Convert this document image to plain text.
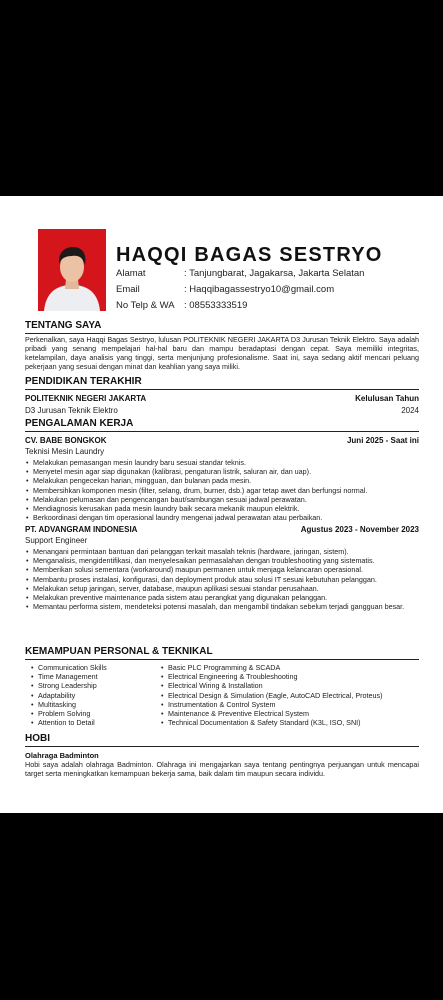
HAQQI BAGAS SESTRYO
Alamat	: Tanjungbarat, Jagakarsa, Jakarta Selatan
Email	: Haqqibagassestryo10@gmail.com
No Telp & WA : 08553333519
TENTANG SAYA
Perkenalkan, saya Haqqi Bagas Sestryo, lulusan POLITEKNIK NEGERI JAKARTA D3 Jurusan Teknik Elektro. Saya adalah pribadi yang senang mempelajari hal-hal baru dan mampu beradaptasi dengan cepat. Saya memiliki integritas, ketelampilan, daya analisis yang tinggi, serta menjunjung profesionalisme. Saat ini, saya sedang aktif mencari peluang pekerjaan yang sesuai dengan minat dan keahlian yang saya miliki.
PENDIDIKAN TERAKHIR
POLITEKNIK NEGERI JAKARTA	Kelulusan Tahun
D3 Jurusan Teknik Elektro	2024
PENGALAMAN KERJA
CV. BABE BONGKOK	Juni 2025 - Saat ini
Teknisi Mesin Laundry
• Melakukan pemasangan mesin laundry baru sesuai standar teknis.
• Menyetel mesin agar siap digunakan (kalibrasi, pengaturan listrik, saluran air, dan uap).
• Melakukan pengecekan harian, mingguan, dan bulanan pada mesin.
• Membersihkan komponen mesin (filter, selang, drum, burner, dsb.) agar tetap awet dan berfungsi normal.
• Melakukan pelumasan dan pengencangan baut/sambungan sesuai jadwal perawatan.
• Mendiagnosis kerusakan pada mesin laundry baik secara mekanik maupun elektrik.
• Berkoordinasi dengan tim operasional laundry mengenai jadwal perawatan atau perbaikan.
PT. ADVANGRAM INDONESIA	Agustus 2023 - November 2023
Support Engineer
• Menangani permintaan bantuan dari pelanggan terkait masalah teknis (hardware, jaringan, sistem).
• Menganalisis, mengidentifikasi, dan menyelesaikan permasalahan dengan troubleshooting yang sistematis.
• Memberikan solusi sementara (workaround) maupun permanen untuk menjaga kelancaran operasional.
• Membantu proses instalasi, konfigurasi, dan deployment produk atau solusi IT sesuai kebutuhan pelanggan.
• Melakukan setup jaringan, server, database, maupun aplikasi sesuai standar perusahaan.
• Melakukan preventive maintenance pada sistem atau perangkat yang digunakan pelanggan.
• Memantau performa sistem, mendeteksi potensi masalah, dan mengambil tindakan sebelum terjadi gangguan besar.
KEMAMPUAN PERSONAL & TEKNIKAL
• Communication Skills
• Time Management
• Strong Leadership
• Adaptability
• Multitasking
• Problem Solving
• Attention to Detail
• Basic PLC Programming & SCADA
• Electrical Engineering & Troubleshooting
• Electrical Wiring & Installation
• Electrical Design & Simulation (Eagle, AutoCAD Electrical, Proteus)
• Instrumentation & Control System
• Maintenance & Preventive Electrical System
• Technical Documentation & Safety Standard (K3L, ISO, SNI)
HOBI
Olahraga Badminton
Hobi saya adalah olahraga Badminton. Olahraga ini mengajarkan saya tentang pentingnya perjuangan untuk mencapai target serta meningkatkan kemampuan bekerja sama, baik dalam tim maupun secara individu.
